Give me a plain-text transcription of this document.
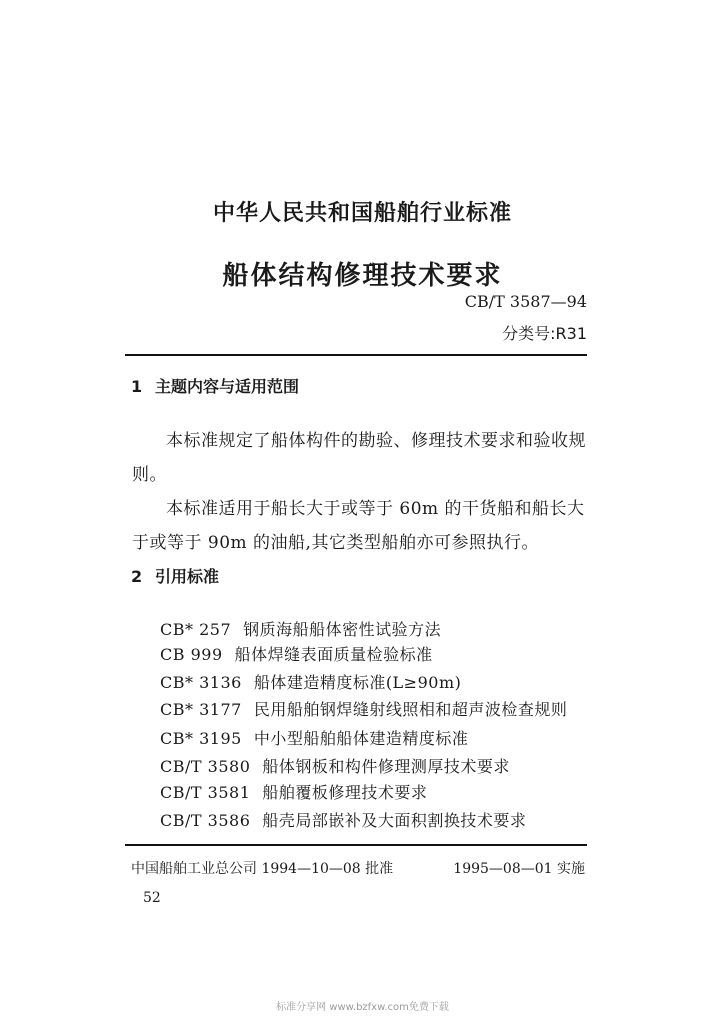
中华人民共和国船舶行业标准
船体结构修理技术要求
CB/T 3587—94
分类号:R31
1 主题内容与适用范围

本标准规定了船体构件的勘验、修理技术要求和验收规则。

本标准适用于船长大于或等于 60m 的干货船和船长大于或等于 90m 的油船,其它类型船舶亦可参照执行。

2 引用标准
CB* 257 钢质海船船体密性试验方法
CB 999 船体焊缝表面质量检验标准
CB* 3136 船体建造精度标准(L≥90m)
CB* 3177 民用船舶钢焊缝射线照相和超声波检查规则
CB* 3195 中小型船舶船体建造精度标准
CB/T 3580 船体钢板和构件修理测厚技术要求
CB/T 3581 船舶覆板修理技术要求
CB/T 3586 船壳局部嵌补及大面积割换技术要求
中国船舶工业总公司 1994—10—08 批准	1995—08—01 实施
52
标准分享网 www.bzfxw.com免费下载
